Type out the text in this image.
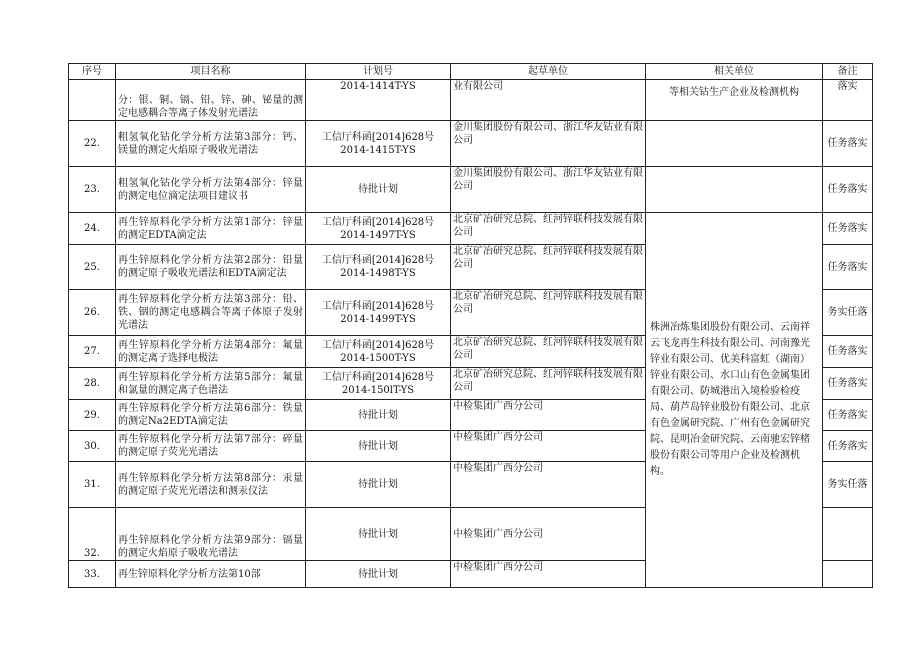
序号	项目名称	计划号	起草单位	相关单位	备注	
	分：银、铜、镉、铅、锌、砷、铋量的测定电感耦合等离子体发射光谱法	2014-1414T-YS	业有限公司	等相关钴生产企业及检测机构	落实	
22.	粗氢氧化钴化学分析方法第3部分：钙、镁量的测定火焰原子吸收光谱法	工信厅科函[2014]628号2014-1415T-YS	金川集团股份有限公司、浙江华友钴业有限公司		任务落实	
23.	粗氢氧化钴化学分析方法第4部分：锌量的测定电位滴定法项目建议书	待批计划	金川集团股份有限公司、浙江华友钴业有限公司		任务落实	
24.	再生锌原料化学分析方法第1部分：锌量的测定EDTA滴定法	工信厅科函[2014]628号2014-1497T-YS	北京矿冶研究总院、红河锌联科技发展有限公司	株洲冶炼集团股份有限公司、云南祥云飞龙再生科技有限公司、河南豫光锌业有限公司、优美科富虹（湖南）锌业有限公司、水口山有色金属集团有限公司、防城港出入境检验检疫局、葫芦岛锌业股份有限公司、北京有色金属研究院、广州有色金属研究院、昆明冶金研究院、云南驰宏锌楮股份有限公司等用户企业及检测机构。	任务落实	
25.	再生锌原料化学分析方法第2部分：铅量的测定原子吸收光谱法和EDTA滴定法	工信厅科函[2014]628号2014-1498T-YS	北京矿冶研究总院、红河锌联科技发展有限公司		任务落实	
26.	再生锌原料化学分析方法第3部分：铅、铁、铟的测定电感耦合等离子体原子发射光谱法	工信厅科函[2014]628号2014-1499T-YS	北京矿冶研究总院、红河锌联科技发展有限公司		务实任落	
27.	再生锌原料化学分析方法第4部分：氟量的测定离子选择电极法	工信厅科函[2014]628号2014-1500T-YS	北京矿冶研究总院、红河锌联科技发展有限公司		任务落实	
28.	再生锌原料化学分析方法第5部分：氟量和氯量的测定离子色谱法	工信厅科函[2014]628号2014-150lT-YS	北京矿冶研究总院、红河锌联科技发展有限公司		任务落实	
29.	再生锌原料化学分析方法第6部分：铁量的测定Na2EDTA滴定法	待批计划	中检集团广西分公司		任务落实	
30.	再生锌原料化学分析方法第7部分：碎量的测定原子荧光光谱法	待批计划	中检集团广西分公司		任务落实	
31.	再生锌原料化学分析方法第8部分：汞量的测定原子荧光光谱法和测汞仪法	待批计划	中检集团广西分公司		务实任落	
32.	再生锌原料化学分析方法第9部分：镉量的测定火焰原子吸收光谱法	待批计划	中检集团广西分公司		
33.	再生锌原料化学分析方法第10部	待批计划	中检集团广西分公司		
